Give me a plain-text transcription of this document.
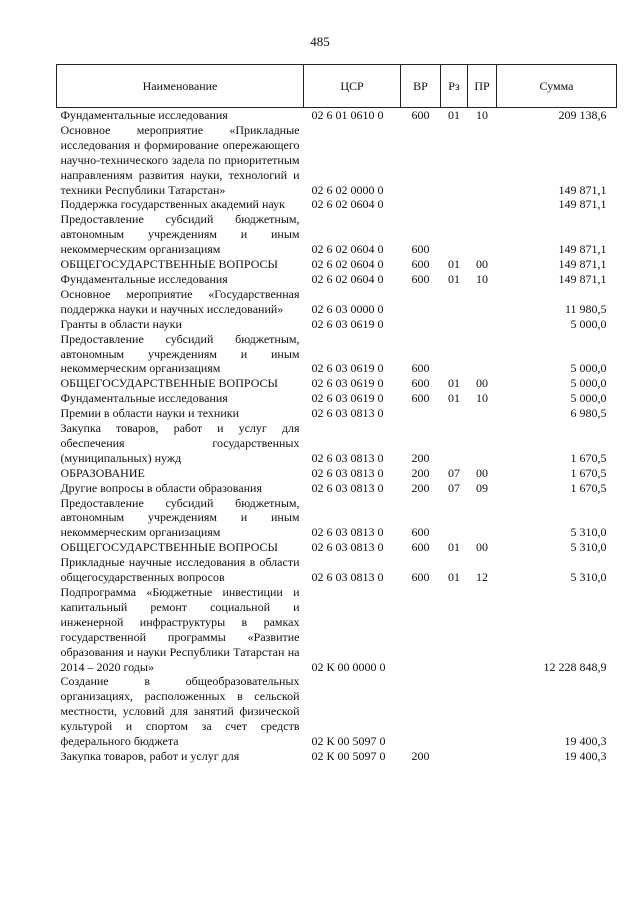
485
Наименование	ЦСР	ВР	Рз	ПР	Сумма
Фундаментальные исследования	02 6 01 0610 0	600	01	10	209 138,6
Основное мероприятие «Прикладные исследования и формирование опережающего научно-технического задела по приоритетным направлениям развития науки, технологий и техники Республики Татарстан»	02 6 02 0000 0				149 871,1
Поддержка государственных академий наук	02 6 02 0604 0				149 871,1
Предоставление субсидий бюджетным, автономным учреждениям и иным некоммерческим организациям	02 6 02 0604 0	600			149 871,1
ОБЩЕГОСУДАРСТВЕННЫЕ ВОПРОСЫ	02 6 02 0604 0	600	01	00	149 871,1
Фундаментальные исследования	02 6 02 0604 0	600	01	10	149 871,1
Основное мероприятие «Государственная поддержка науки и научных исследований»	02 6 03 0000 0				11 980,5
Гранты в области науки	02 6 03 0619 0				5 000,0
Предоставление субсидий бюджетным, автономным учреждениям и иным некоммерческим организациям	02 6 03 0619 0	600			5 000,0
ОБЩЕГОСУДАРСТВЕННЫЕ ВОПРОСЫ	02 6 03 0619 0	600	01	00	5 000,0
Фундаментальные исследования	02 6 03 0619 0	600	01	10	5 000,0
Премии в области науки и техники	02 6 03 0813 0				6 980,5
Закупка товаров, работ и услуг для обеспечения государственных (муниципальных) нужд	02 6 03 0813 0	200			1 670,5
ОБРАЗОВАНИЕ	02 6 03 0813 0	200	07	00	1 670,5
Другие вопросы в области образования	02 6 03 0813 0	200	07	09	1 670,5
Предоставление субсидий бюджетным, автономным учреждениям и иным некоммерческим организациям	02 6 03 0813 0	600			5 310,0
ОБЩЕГОСУДАРСТВЕННЫЕ ВОПРОСЫ	02 6 03 0813 0	600	01	00	5 310,0
Прикладные научные исследования в области общегосударственных вопросов	02 6 03 0813 0	600	01	12	5 310,0
Подпрограмма «Бюджетные инвестиции и капитальный ремонт социальной и инженерной инфраструктуры в рамках государственной программы «Развитие образования и науки Республики Татарстан на 2014 – 2020 годы»	02 К 00 0000 0				12 228 848,9
Создание в общеобразовательных организациях, расположенных в сельской местности, условий для занятий физической культурой и спортом за счет средств федерального бюджета	02 К 00 5097 0				19 400,3
Закупка товаров, работ и услуг для	02 К 00 5097 0	200			19 400,3
